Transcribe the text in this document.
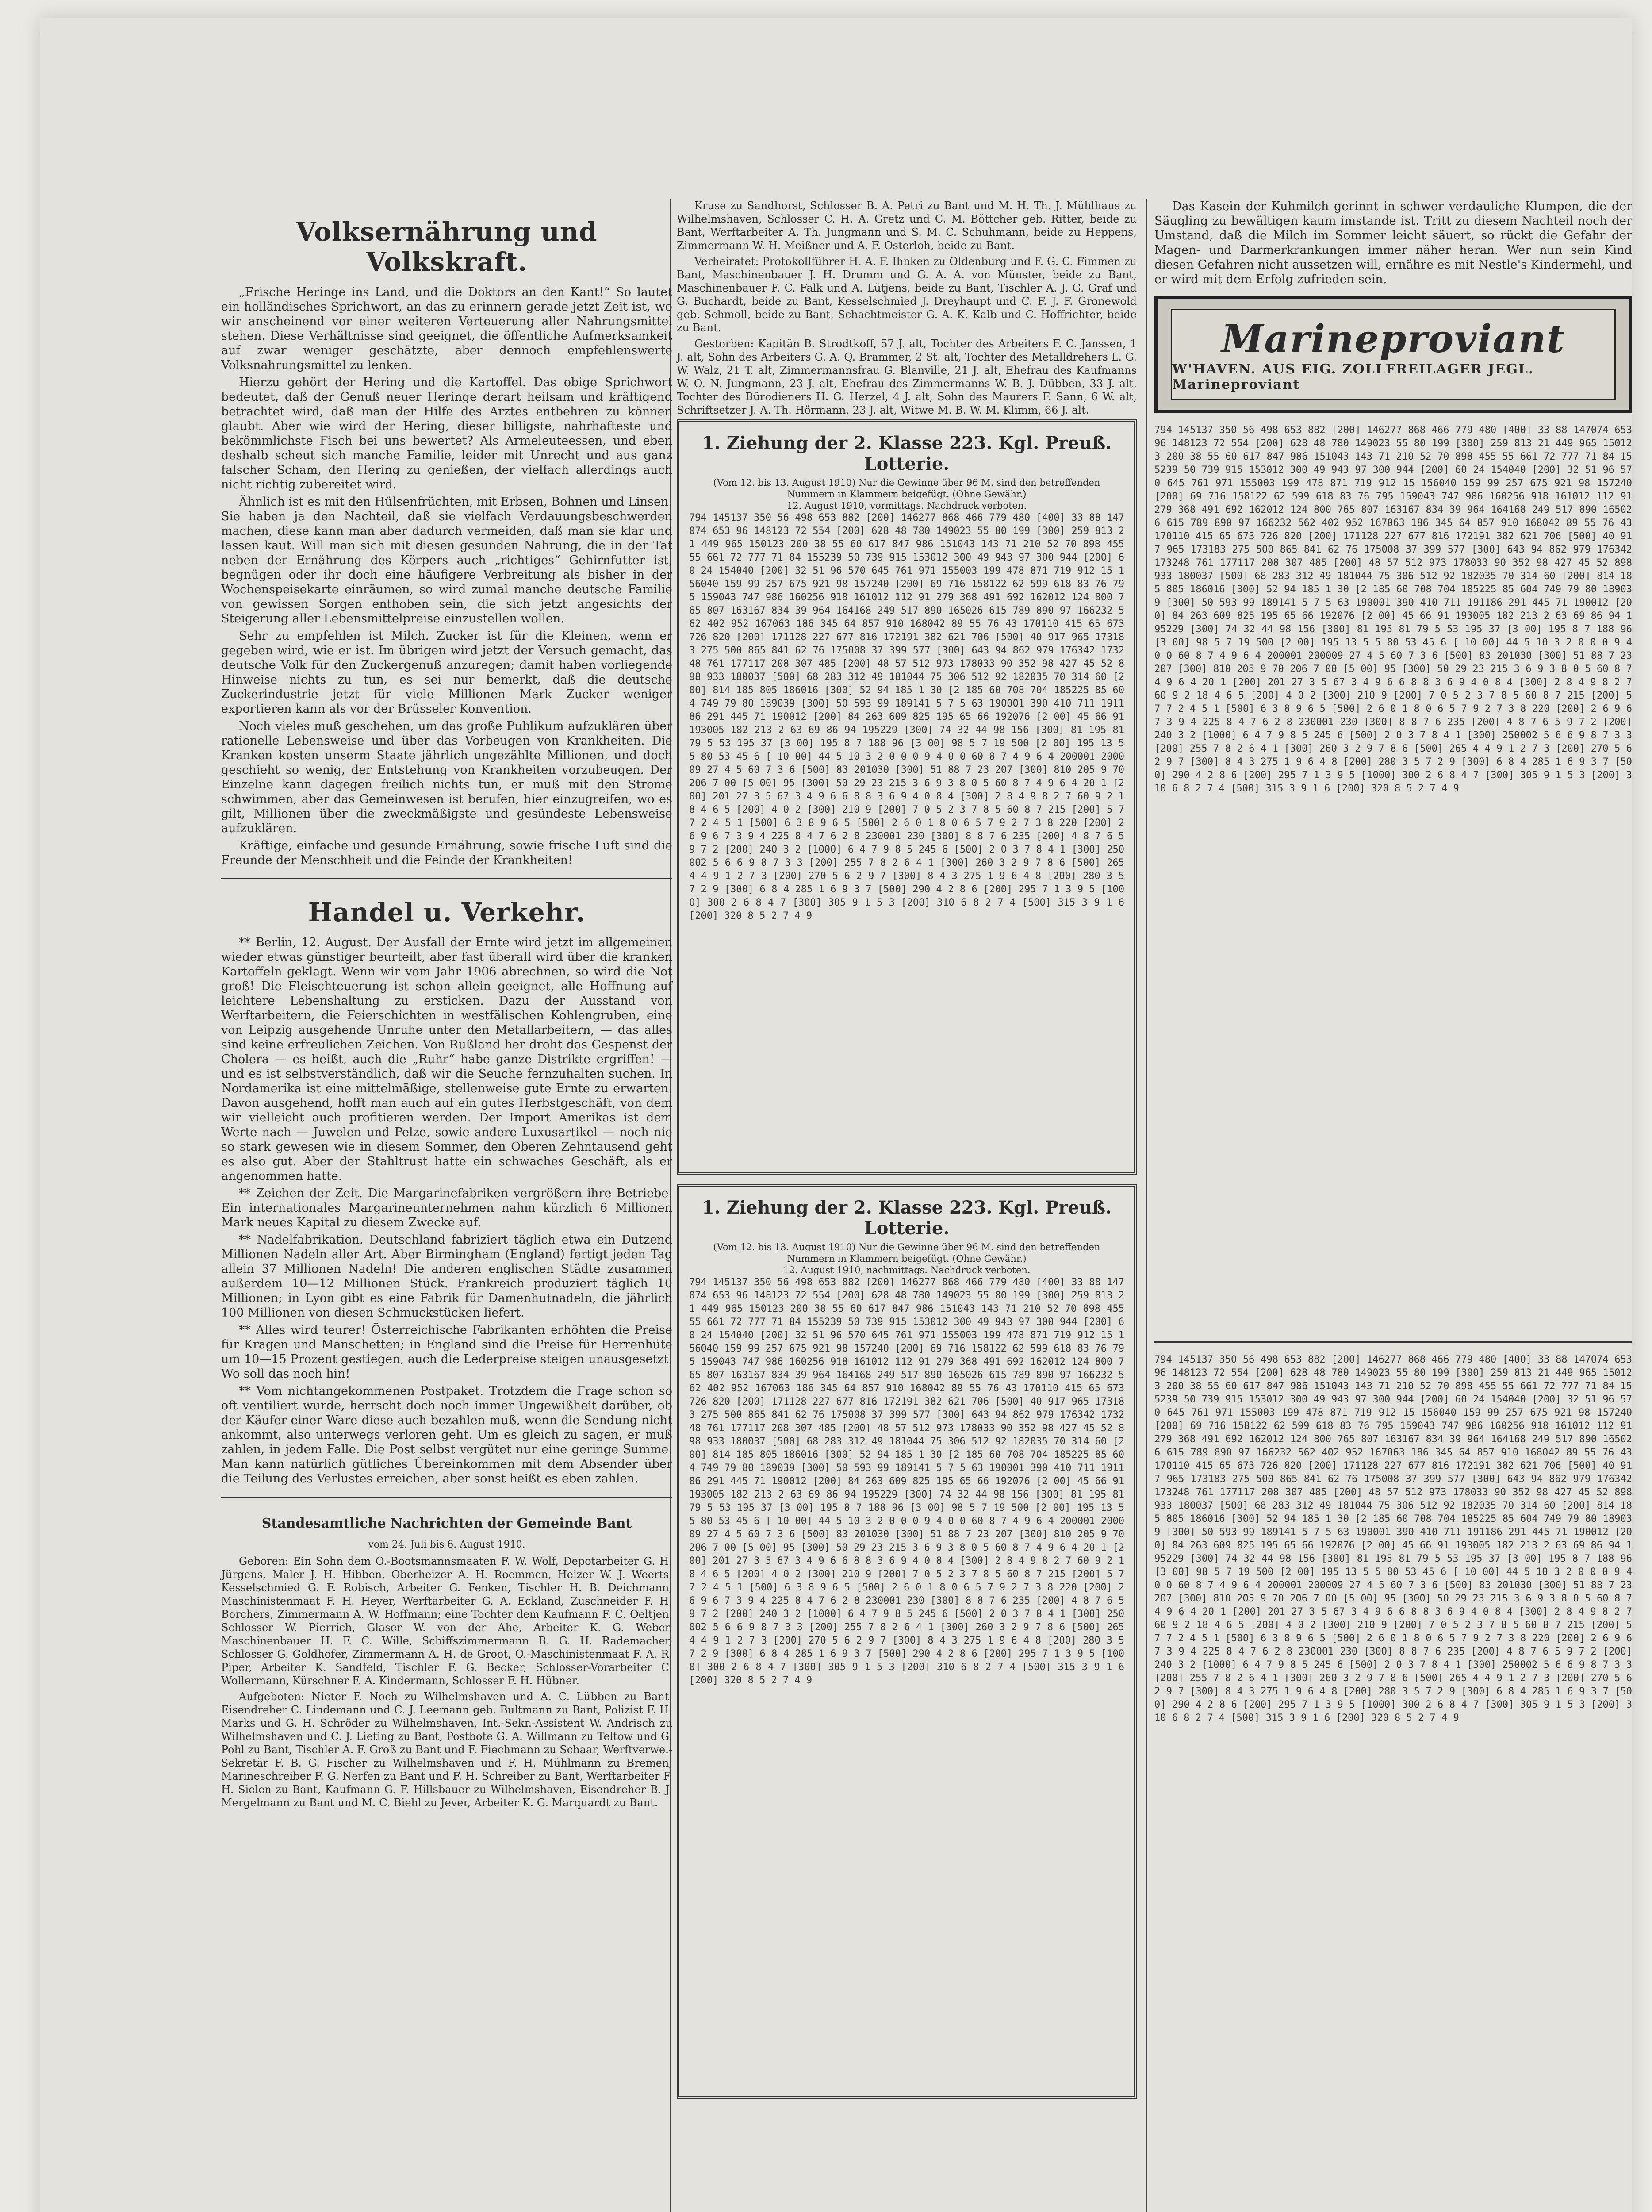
Volksernährung und Volkskraft.

„Frische Heringe ins Land, und die Doktors an den Kant!“ So lautet ein holländisches Sprichwort, an das zu erinnern gerade jetzt Zeit ist, wo wir anscheinend vor einer weiteren Verteuerung aller Nahrungsmittel stehen. Diese Verhältnisse sind geeignet, die öffentliche Aufmerksamkeit auf zwar weniger geschätzte, aber dennoch empfehlenswerte Volksnahrungsmittel zu lenken.

Hierzu gehört der Hering und die Kartoffel. Das obige Sprichwort bedeutet, daß der Genuß neuer Heringe derart heilsam und kräftigend betrachtet wird, daß man der Hilfe des Arztes entbehren zu können glaubt. Aber wie wird der Hering, dieser billigste, nahrhafteste und bekömmlichste Fisch bei uns bewertet? Als Armeleuteessen, und eben deshalb scheut sich manche Familie, leider mit Unrecht und aus ganz falscher Scham, den Hering zu genießen, der vielfach allerdings auch nicht richtig zubereitet wird.

Ähnlich ist es mit den Hülsenfrüchten, mit Erbsen, Bohnen und Linsen. Sie haben ja den Nachteil, daß sie vielfach Verdauungsbeschwerden machen, diese kann man aber dadurch vermeiden, daß man sie klar und lassen kaut. Will man sich mit diesen gesunden Nahrung, die in der Tat neben der Ernährung des Körpers auch „richtiges“ Gehirnfutter ist, begnügen oder ihr doch eine häufigere Verbreitung als bisher in der Wochenspeisekarte einräumen, so wird zumal manche deutsche Familie von gewissen Sorgen enthoben sein, die sich jetzt angesichts der Steigerung aller Lebensmittelpreise einzustellen wollen.

Sehr zu empfehlen ist Milch. Zucker ist für die Kleinen, wenn er gegeben wird, wie er ist. Im übrigen wird jetzt der Versuch gemacht, das deutsche Volk für den Zuckergenuß anzuregen; damit haben vorliegende Hinweise nichts zu tun, es sei nur bemerkt, daß die deutsche Zuckerindustrie jetzt für viele Millionen Mark Zucker weniger exportieren kann als vor der Brüsseler Konvention.

Noch vieles muß geschehen, um das große Publikum aufzuklären über rationelle Lebensweise und über das Vorbeugen von Krankheiten. Die Kranken kosten unserm Staate jährlich ungezählte Millionen, und doch geschieht so wenig, der Entstehung von Krankheiten vorzubeugen. Der Einzelne kann dagegen freilich nichts tun, er muß mit den Strome schwimmen, aber das Gemeinwesen ist berufen, hier einzugreifen, wo es gilt, Millionen über die zweckmäßigste und gesündeste Lebensweise aufzuklären.

Kräftige, einfache und gesunde Ernährung, sowie frische Luft sind die Freunde der Menschheit und die Feinde der Krankheiten!

Handel u. Verkehr.

** Berlin, 12. August. Der Ausfall der Ernte wird jetzt im allgemeinen wieder etwas günstiger beurteilt, aber fast überall wird über die kranken Kartoffeln geklagt. Wenn wir vom Jahr 1906 abrechnen, so wird die Not groß! Die Fleischteuerung ist schon allein geeignet, alle Hoffnung auf leichtere Lebenshaltung zu ersticken. Dazu der Ausstand von Werftarbeitern, die Feierschichten in westfälischen Kohlengruben, eine von Leipzig ausgehende Unruhe unter den Metallarbeitern, — das alles sind keine erfreulichen Zeichen. Von Rußland her droht das Gespenst der Cholera — es heißt, auch die „Ruhr“ habe ganze Distrikte ergriffen! — und es ist selbstverständlich, daß wir die Seuche fernzuhalten suchen. In Nordamerika ist eine mittelmäßige, stellenweise gute Ernte zu erwarten. Davon ausgehend, hofft man auch auf ein gutes Herbstgeschäft, von dem wir vielleicht auch profitieren werden. Der Import Amerikas ist dem Werte nach — Juwelen und Pelze, sowie andere Luxusartikel — noch nie so stark gewesen wie in diesem Sommer, den Oberen Zehntausend geht es also gut. Aber der Stahltrust hatte ein schwaches Geschäft, als er angenommen hatte.

** Zeichen der Zeit. Die Margarinefabriken vergrößern ihre Betriebe. Ein internationales Margarineunternehmen nahm kürzlich 6 Millionen Mark neues Kapital zu diesem Zwecke auf.

** Nadelfabrikation. Deutschland fabriziert täglich etwa ein Dutzend Millionen Nadeln aller Art. Aber Birmingham (England) fertigt jeden Tag allein 37 Millionen Nadeln! Die anderen englischen Städte zusammen außerdem 10—12 Millionen Stück. Frankreich produziert täglich 10 Millionen; in Lyon gibt es eine Fabrik für Damenhutnadeln, die jährlich 100 Millionen von diesen Schmuckstücken liefert.

** Alles wird teurer! Österreichische Fabrikanten erhöhten die Preise für Kragen und Manschetten; in England sind die Preise für Herrenhüte um 10—15 Prozent gestiegen, auch die Lederpreise steigen unausgesetzt. Wo soll das noch hin!

** Vom nichtangekommenen Postpaket. Trotzdem die Frage schon so oft ventiliert wurde, herrscht doch noch immer Ungewißheit darüber, ob der Käufer einer Ware diese auch bezahlen muß, wenn die Sendung nicht ankommt, also unterwegs verloren geht. Um es gleich zu sagen, er muß zahlen, in jedem Falle. Die Post selbst vergütet nur eine geringe Summe. Man kann natürlich gütliches Übereinkommen mit dem Absender über die Teilung des Verlustes erreichen, aber sonst heißt es eben zahlen.

Standesamtliche Nachrichten der Gemeinde Bant
vom 24. Juli bis 6. August 1910.

Geboren: Ein Sohn dem O.-Bootsmannsmaaten F. W. Wolf, Depotarbeiter G. H. Jürgens, Maler J. H. Hibben, Oberheizer A. H. Roemmen, Heizer W. J. Weerts, Kesselschmied G. F. Robisch, Arbeiter G. Fenken, Tischler H. B. Deichmann, Maschinistenmaat F. H. Heyer, Werftarbeiter G. A. Eckland, Zuschneider F. H. Borchers, Zimmermann A. W. Hoffmann; eine Tochter dem Kaufmann F. C. Oeltjen, Schlosser W. Pierrich, Glaser W. von der Ahe, Arbeiter K. G. Weber, Maschinenbauer H. F. C. Wille, Schiffszimmermann B. G. H. Rademacher, Schlosser G. Goldhofer, Zimmermann A. H. de Groot, O.-Maschinistenmaat F. A. R. Piper, Arbeiter K. Sandfeld, Tischler F. G. Becker, Schlosser-Vorarbeiter C. Wollermann, Kürschner F. A. Kindermann, Schlosser F. H. Hübner.

Aufgeboten: Nieter F. Noch zu Wilhelmshaven und A. C. Lübben zu Bant, Eisendreher C. Lindemann und C. J. Leemann geb. Bultmann zu Bant, Polizist F. H. Marks und G. H. Schröder zu Wilhelmshaven, Int.-Sekr.-Assistent W. Andrisch zu Wilhelmshaven und C. J. Lieting zu Bant, Postbote G. A. Willmann zu Teltow und G. Pohl zu Bant, Tischler A. F. Groß zu Bant und F. Fiechmann zu Schaar, Werftverwe.-Sekretär F. B. G. Fischer zu Wilhelmshaven und F. H. Mühlmann zu Bremen, Marineschreiber F. G. Nerfen zu Bant und F. H. Schreiber zu Bant, Werftarbeiter F. H. Sielen zu Bant, Kaufmann G. F. Hillsbauer zu Wilhelmshaven, Eisendreher B. J. Mergelmann zu Bant und M. C. Biehl zu Jever, Arbeiter K. G. Marquardt zu Bant.

Kruse zu Sandhorst, Schlosser B. A. Petri zu Bant und M. H. Th. J. Mühlhaus zu Wilhelmshaven, Schlosser C. H. A. Gretz und C. M. Böttcher geb. Ritter, beide zu Bant, Werftarbeiter A. Th. Jungmann und S. M. C. Schuhmann, beide zu Heppens, Zimmermann W. H. Meißner und A. F. Osterloh, beide zu Bant.

Verheiratet: Protokollführer H. A. F. Ihnken zu Oldenburg und F. G. C. Fimmen zu Bant, Maschinenbauer J. H. Drumm und G. A. A. von Münster, beide zu Bant, Maschinenbauer F. C. Falk und A. Lütjens, beide zu Bant, Tischler A. J. G. Graf und G. Buchardt, beide zu Bant, Kesselschmied J. Dreyhaupt und C. F. J. F. Gronewold geb. Schmoll, beide zu Bant, Schachtmeister G. A. K. Kalb und C. Hoffrichter, beide zu Bant.

Gestorben: Kapitän B. Strodtkoff, 57 J. alt, Tochter des Arbeiters F. C. Janssen, 1 J. alt, Sohn des Arbeiters G. A. Q. Brammer, 2 St. alt, Tochter des Metalldrehers L. G. W. Walz, 21 T. alt, Zimmermannsfrau G. Blanville, 21 J. alt, Ehefrau des Kaufmanns W. O. N. Jungmann, 23 J. alt, Ehefrau des Zimmermanns W. B. J. Dübben, 33 J. alt, Tochter des Bürodieners H. G. Herzel, 4 J. alt, Sohn des Maurers F. Sann, 6 W. alt, Schriftsetzer J. A. Th. Hörmann, 23 J. alt, Witwe M. B. W. M. Klimm, 66 J. alt.

1. Ziehung der 2. Klasse 223. Kgl. Preuß. Lotterie.
(Vom 12. bis 13. August 1910) Nur die Gewinne über 96 M. sind den betreffenden Nummern in Klammern beigefügt. (Ohne Gewähr.)
12. August 1910, vormittags. Nachdruck verboten.
794 145137 350 56 498 653 882 [200] 146277 868 466 779 480 [400] 33 88 147074 653 96 148123 72 554 [200] 628 48 780 149023 55 80 199 [300] 259 813 21 449 965 150123 200 38 55 60 617 847 986 151043 143 71 210 52 70 898 455 55 661 72 777 71 84 155239 50 739 915 153012 300 49 943 97 300 944 [200] 60 24 154040 [200] 32 51 96 570 645 761 971 155003 199 478 871 719 912 15 156040 159 99 257 675 921 98 157240 [200] 69 716 158122 62 599 618 83 76 795 159043 747 986 160256 918 161012 112 91 279 368 491 692 162012 124 800 765 807 163167 834 39 964 164168 249 517 890 165026 615 789 890 97 166232 562 402 952 167063 186 345 64 857 910 168042 89 55 76 43 170110 415 65 673 726 820 [200] 171128 227 677 816 172191 382 621 706 [500] 40 917 965 173183 275 500 865 841 62 76 175008 37 399 577 [300] 643 94 862 979 176342 173248 761 177117 208 307 485 [200] 48 57 512 973 178033 90 352 98 427 45 52 898 933 180037 [500] 68 283 312 49 181044 75 306 512 92 182035 70 314 60 [200] 814 185 805 186016 [300] 52 94 185 1 30 [2 185 60 708 704 185225 85 604 749 79 80 189039 [300] 50 593 99 189141 5 7 5 63 190001 390 410 711 191186 291 445 71 190012 [200] 84 263 609 825 195 65 66 192076 [2 00] 45 66 91 193005 182 213 2 63 69 86 94 195229 [300] 74 32 44 98 156 [300] 81 195 81 79 5 53 195 37 [3 00] 195 8 7 188 96 [3 00] 98 5 7 19 500 [2 00] 195 13 5 5 80 53 45 6 [ 10 00] 44 5 10 3 2 0 0 0 9 4 0 0 60 8 7 4 9 6 4 200001 200009 27 4 5 60 7 3 6 [500] 83 201030 [300] 51 88 7 23 207 [300] 810 205 9 70 206 7 00 [5 00] 95 [300] 50 29 23 215 3 6 9 3 8 0 5 60 8 7 4 9 6 4 20 1 [200] 201 27 3 5 67 3 4 9 6 6 8 8 3 6 9 4 0 8 4 [300] 2 8 4 9 8 2 7 60 9 2 18 4 6 5 [200] 4 0 2 [300] 210 9 [200] 7 0 5 2 3 7 8 5 60 8 7 215 [200] 5 7 7 2 4 5 1 [500] 6 3 8 9 6 5 [500] 2 6 0 1 8 0 6 5 7 9 2 7 3 8 220 [200] 2 6 9 6 7 3 9 4 225 8 4 7 6 2 8 230001 230 [300] 8 8 7 6 235 [200] 4 8 7 6 5 9 7 2 [200] 240 3 2 [1000] 6 4 7 9 8 5 245 6 [500] 2 0 3 7 8 4 1 [300] 250002 5 6 6 9 8 7 3 3 [200] 255 7 8 2 6 4 1 [300] 260 3 2 9 7 8 6 [500] 265 4 4 9 1 2 7 3 [200] 270 5 6 2 9 7 [300] 8 4 3 275 1 9 6 4 8 [200] 280 3 5 7 2 9 [300] 6 8 4 285 1 6 9 3 7 [500] 290 4 2 8 6 [200] 295 7 1 3 9 5 [1000] 300 2 6 8 4 7 [300] 305 9 1 5 3 [200] 310 6 8 2 7 4 [500] 315 3 9 1 6 [200] 320 8 5 2 7 4 9
1. Ziehung der 2. Klasse 223. Kgl. Preuß. Lotterie.
(Vom 12. bis 13. August 1910) Nur die Gewinne über 96 M. sind den betreffenden Nummern in Klammern beigefügt. (Ohne Gewähr.)
12. August 1910, nachmittags. Nachdruck verboten.
794 145137 350 56 498 653 882 [200] 146277 868 466 779 480 [400] 33 88 147074 653 96 148123 72 554 [200] 628 48 780 149023 55 80 199 [300] 259 813 21 449 965 150123 200 38 55 60 617 847 986 151043 143 71 210 52 70 898 455 55 661 72 777 71 84 155239 50 739 915 153012 300 49 943 97 300 944 [200] 60 24 154040 [200] 32 51 96 570 645 761 971 155003 199 478 871 719 912 15 156040 159 99 257 675 921 98 157240 [200] 69 716 158122 62 599 618 83 76 795 159043 747 986 160256 918 161012 112 91 279 368 491 692 162012 124 800 765 807 163167 834 39 964 164168 249 517 890 165026 615 789 890 97 166232 562 402 952 167063 186 345 64 857 910 168042 89 55 76 43 170110 415 65 673 726 820 [200] 171128 227 677 816 172191 382 621 706 [500] 40 917 965 173183 275 500 865 841 62 76 175008 37 399 577 [300] 643 94 862 979 176342 173248 761 177117 208 307 485 [200] 48 57 512 973 178033 90 352 98 427 45 52 898 933 180037 [500] 68 283 312 49 181044 75 306 512 92 182035 70 314 60 [200] 814 185 805 186016 [300] 52 94 185 1 30 [2 185 60 708 704 185225 85 604 749 79 80 189039 [300] 50 593 99 189141 5 7 5 63 190001 390 410 711 191186 291 445 71 190012 [200] 84 263 609 825 195 65 66 192076 [2 00] 45 66 91 193005 182 213 2 63 69 86 94 195229 [300] 74 32 44 98 156 [300] 81 195 81 79 5 53 195 37 [3 00] 195 8 7 188 96 [3 00] 98 5 7 19 500 [2 00] 195 13 5 5 80 53 45 6 [ 10 00] 44 5 10 3 2 0 0 0 9 4 0 0 60 8 7 4 9 6 4 200001 200009 27 4 5 60 7 3 6 [500] 83 201030 [300] 51 88 7 23 207 [300] 810 205 9 70 206 7 00 [5 00] 95 [300] 50 29 23 215 3 6 9 3 8 0 5 60 8 7 4 9 6 4 20 1 [200] 201 27 3 5 67 3 4 9 6 6 8 8 3 6 9 4 0 8 4 [300] 2 8 4 9 8 2 7 60 9 2 18 4 6 5 [200] 4 0 2 [300] 210 9 [200] 7 0 5 2 3 7 8 5 60 8 7 215 [200] 5 7 7 2 4 5 1 [500] 6 3 8 9 6 5 [500] 2 6 0 1 8 0 6 5 7 9 2 7 3 8 220 [200] 2 6 9 6 7 3 9 4 225 8 4 7 6 2 8 230001 230 [300] 8 8 7 6 235 [200] 4 8 7 6 5 9 7 2 [200] 240 3 2 [1000] 6 4 7 9 8 5 245 6 [500] 2 0 3 7 8 4 1 [300] 250002 5 6 6 9 8 7 3 3 [200] 255 7 8 2 6 4 1 [300] 260 3 2 9 7 8 6 [500] 265 4 4 9 1 2 7 3 [200] 270 5 6 2 9 7 [300] 8 4 3 275 1 9 6 4 8 [200] 280 3 5 7 2 9 [300] 6 8 4 285 1 6 9 3 7 [500] 290 4 2 8 6 [200] 295 7 1 3 9 5 [1000] 300 2 6 8 4 7 [300] 305 9 1 5 3 [200] 310 6 8 2 7 4 [500] 315 3 9 1 6 [200] 320 8 5 2 7 4 9

Das Kasein der Kuhmilch gerinnt in schwer verdauliche Klumpen, die der Säugling zu bewältigen kaum imstande ist. Tritt zu diesem Nachteil noch der Umstand, daß die Milch im Sommer leicht säuert, so rückt die Gefahr der Magen- und Darmerkrankungen immer näher heran. Wer nun sein Kind diesen Gefahren nicht aussetzen will, ernähre es mit Nestle's Kindermehl, und er wird mit dem Erfolg zufrieden sein.

Marineproviant
W'HAVEN. AUS EIG. ZOLLFREILAGER JEGL. Marineproviant
794 145137 350 56 498 653 882 [200] 146277 868 466 779 480 [400] 33 88 147074 653 96 148123 72 554 [200] 628 48 780 149023 55 80 199 [300] 259 813 21 449 965 150123 200 38 55 60 617 847 986 151043 143 71 210 52 70 898 455 55 661 72 777 71 84 155239 50 739 915 153012 300 49 943 97 300 944 [200] 60 24 154040 [200] 32 51 96 570 645 761 971 155003 199 478 871 719 912 15 156040 159 99 257 675 921 98 157240 [200] 69 716 158122 62 599 618 83 76 795 159043 747 986 160256 918 161012 112 91 279 368 491 692 162012 124 800 765 807 163167 834 39 964 164168 249 517 890 165026 615 789 890 97 166232 562 402 952 167063 186 345 64 857 910 168042 89 55 76 43 170110 415 65 673 726 820 [200] 171128 227 677 816 172191 382 621 706 [500] 40 917 965 173183 275 500 865 841 62 76 175008 37 399 577 [300] 643 94 862 979 176342 173248 761 177117 208 307 485 [200] 48 57 512 973 178033 90 352 98 427 45 52 898 933 180037 [500] 68 283 312 49 181044 75 306 512 92 182035 70 314 60 [200] 814 185 805 186016 [300] 52 94 185 1 30 [2 185 60 708 704 185225 85 604 749 79 80 189039 [300] 50 593 99 189141 5 7 5 63 190001 390 410 711 191186 291 445 71 190012 [200] 84 263 609 825 195 65 66 192076 [2 00] 45 66 91 193005 182 213 2 63 69 86 94 195229 [300] 74 32 44 98 156 [300] 81 195 81 79 5 53 195 37 [3 00] 195 8 7 188 96 [3 00] 98 5 7 19 500 [2 00] 195 13 5 5 80 53 45 6 [ 10 00] 44 5 10 3 2 0 0 0 9 4 0 0 60 8 7 4 9 6 4 200001 200009 27 4 5 60 7 3 6 [500] 83 201030 [300] 51 88 7 23 207 [300] 810 205 9 70 206 7 00 [5 00] 95 [300] 50 29 23 215 3 6 9 3 8 0 5 60 8 7 4 9 6 4 20 1 [200] 201 27 3 5 67 3 4 9 6 6 8 8 3 6 9 4 0 8 4 [300] 2 8 4 9 8 2 7 60 9 2 18 4 6 5 [200] 4 0 2 [300] 210 9 [200] 7 0 5 2 3 7 8 5 60 8 7 215 [200] 5 7 7 2 4 5 1 [500] 6 3 8 9 6 5 [500] 2 6 0 1 8 0 6 5 7 9 2 7 3 8 220 [200] 2 6 9 6 7 3 9 4 225 8 4 7 6 2 8 230001 230 [300] 8 8 7 6 235 [200] 4 8 7 6 5 9 7 2 [200] 240 3 2 [1000] 6 4 7 9 8 5 245 6 [500] 2 0 3 7 8 4 1 [300] 250002 5 6 6 9 8 7 3 3 [200] 255 7 8 2 6 4 1 [300] 260 3 2 9 7 8 6 [500] 265 4 4 9 1 2 7 3 [200] 270 5 6 2 9 7 [300] 8 4 3 275 1 9 6 4 8 [200] 280 3 5 7 2 9 [300] 6 8 4 285 1 6 9 3 7 [500] 290 4 2 8 6 [200] 295 7 1 3 9 5 [1000] 300 2 6 8 4 7 [300] 305 9 1 5 3 [200] 310 6 8 2 7 4 [500] 315 3 9 1 6 [200] 320 8 5 2 7 4 9
794 145137 350 56 498 653 882 [200] 146277 868 466 779 480 [400] 33 88 147074 653 96 148123 72 554 [200] 628 48 780 149023 55 80 199 [300] 259 813 21 449 965 150123 200 38 55 60 617 847 986 151043 143 71 210 52 70 898 455 55 661 72 777 71 84 155239 50 739 915 153012 300 49 943 97 300 944 [200] 60 24 154040 [200] 32 51 96 570 645 761 971 155003 199 478 871 719 912 15 156040 159 99 257 675 921 98 157240 [200] 69 716 158122 62 599 618 83 76 795 159043 747 986 160256 918 161012 112 91 279 368 491 692 162012 124 800 765 807 163167 834 39 964 164168 249 517 890 165026 615 789 890 97 166232 562 402 952 167063 186 345 64 857 910 168042 89 55 76 43 170110 415 65 673 726 820 [200] 171128 227 677 816 172191 382 621 706 [500] 40 917 965 173183 275 500 865 841 62 76 175008 37 399 577 [300] 643 94 862 979 176342 173248 761 177117 208 307 485 [200] 48 57 512 973 178033 90 352 98 427 45 52 898 933 180037 [500] 68 283 312 49 181044 75 306 512 92 182035 70 314 60 [200] 814 185 805 186016 [300] 52 94 185 1 30 [2 185 60 708 704 185225 85 604 749 79 80 189039 [300] 50 593 99 189141 5 7 5 63 190001 390 410 711 191186 291 445 71 190012 [200] 84 263 609 825 195 65 66 192076 [2 00] 45 66 91 193005 182 213 2 63 69 86 94 195229 [300] 74 32 44 98 156 [300] 81 195 81 79 5 53 195 37 [3 00] 195 8 7 188 96 [3 00] 98 5 7 19 500 [2 00] 195 13 5 5 80 53 45 6 [ 10 00] 44 5 10 3 2 0 0 0 9 4 0 0 60 8 7 4 9 6 4 200001 200009 27 4 5 60 7 3 6 [500] 83 201030 [300] 51 88 7 23 207 [300] 810 205 9 70 206 7 00 [5 00] 95 [300] 50 29 23 215 3 6 9 3 8 0 5 60 8 7 4 9 6 4 20 1 [200] 201 27 3 5 67 3 4 9 6 6 8 8 3 6 9 4 0 8 4 [300] 2 8 4 9 8 2 7 60 9 2 18 4 6 5 [200] 4 0 2 [300] 210 9 [200] 7 0 5 2 3 7 8 5 60 8 7 215 [200] 5 7 7 2 4 5 1 [500] 6 3 8 9 6 5 [500] 2 6 0 1 8 0 6 5 7 9 2 7 3 8 220 [200] 2 6 9 6 7 3 9 4 225 8 4 7 6 2 8 230001 230 [300] 8 8 7 6 235 [200] 4 8 7 6 5 9 7 2 [200] 240 3 2 [1000] 6 4 7 9 8 5 245 6 [500] 2 0 3 7 8 4 1 [300] 250002 5 6 6 9 8 7 3 3 [200] 255 7 8 2 6 4 1 [300] 260 3 2 9 7 8 6 [500] 265 4 4 9 1 2 7 3 [200] 270 5 6 2 9 7 [300] 8 4 3 275 1 9 6 4 8 [200] 280 3 5 7 2 9 [300] 6 8 4 285 1 6 9 3 7 [500] 290 4 2 8 6 [200] 295 7 1 3 9 5 [1000] 300 2 6 8 4 7 [300] 305 9 1 5 3 [200] 310 6 8 2 7 4 [500] 315 3 9 1 6 [200] 320 8 5 2 7 4 9
